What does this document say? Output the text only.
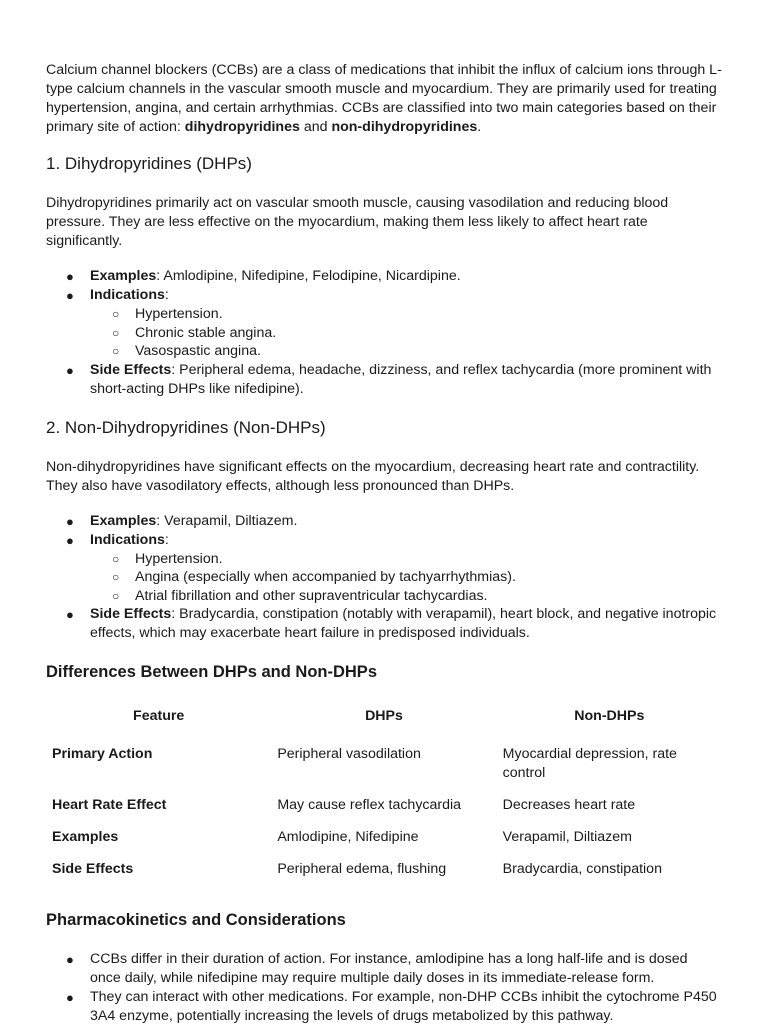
Calcium channel blockers (CCBs) are a class of medications that inhibit the influx of calcium ions through L-type calcium channels in the vascular smooth muscle and myocardium. They are primarily used for treating hypertension, angina, and certain arrhythmias. CCBs are classified into two main categories based on their primary site of action: dihydropyridines and non-dihydropyridines.

1. Dihydropyridines (DHPs)

Dihydropyridines primarily act on vascular smooth muscle, causing vasodilation and reducing blood pressure. They are less effective on the myocardium, making them less likely to affect heart rate significantly.

● Examples: Amlodipine, Nifedipine, Felodipine, Nicardipine.
● Indications:
○ Hypertension.
○ Chronic stable angina.
○ Vasospastic angina.
● Side Effects: Peripheral edema, headache, dizziness, and reflex tachycardia (more prominent with short-acting DHPs like nifedipine).
2. Non-Dihydropyridines (Non-DHPs)

Non-dihydropyridines have significant effects on the myocardium, decreasing heart rate and contractility. They also have vasodilatory effects, although less pronounced than DHPs.

● Examples: Verapamil, Diltiazem.
● Indications:
○ Hypertension.
○ Angina (especially when accompanied by tachyarrhythmias).
○ Atrial fibrillation and other supraventricular tachycardias.
● Side Effects: Bradycardia, constipation (notably with verapamil), heart block, and negative inotropic effects, which may exacerbate heart failure in predisposed individuals.
Differences Between DHPs and Non-DHPs
Feature	DHPs	Non-DHPs
Primary Action	Peripheral vasodilation	Myocardial depression, rate control
Heart Rate Effect	May cause reflex tachycardia	Decreases heart rate
Examples	Amlodipine, Nifedipine	Verapamil, Diltiazem
Side Effects	Peripheral edema, flushing	Bradycardia, constipation
Pharmacokinetics and Considerations
● CCBs differ in their duration of action. For instance, amlodipine has a long half-life and is dosed once daily, while nifedipine may require multiple daily doses in its immediate-release form.
● They can interact with other medications. For example, non-DHP CCBs inhibit the cytochrome P450 3A4 enzyme, potentially increasing the levels of drugs metabolized by this pathway.
